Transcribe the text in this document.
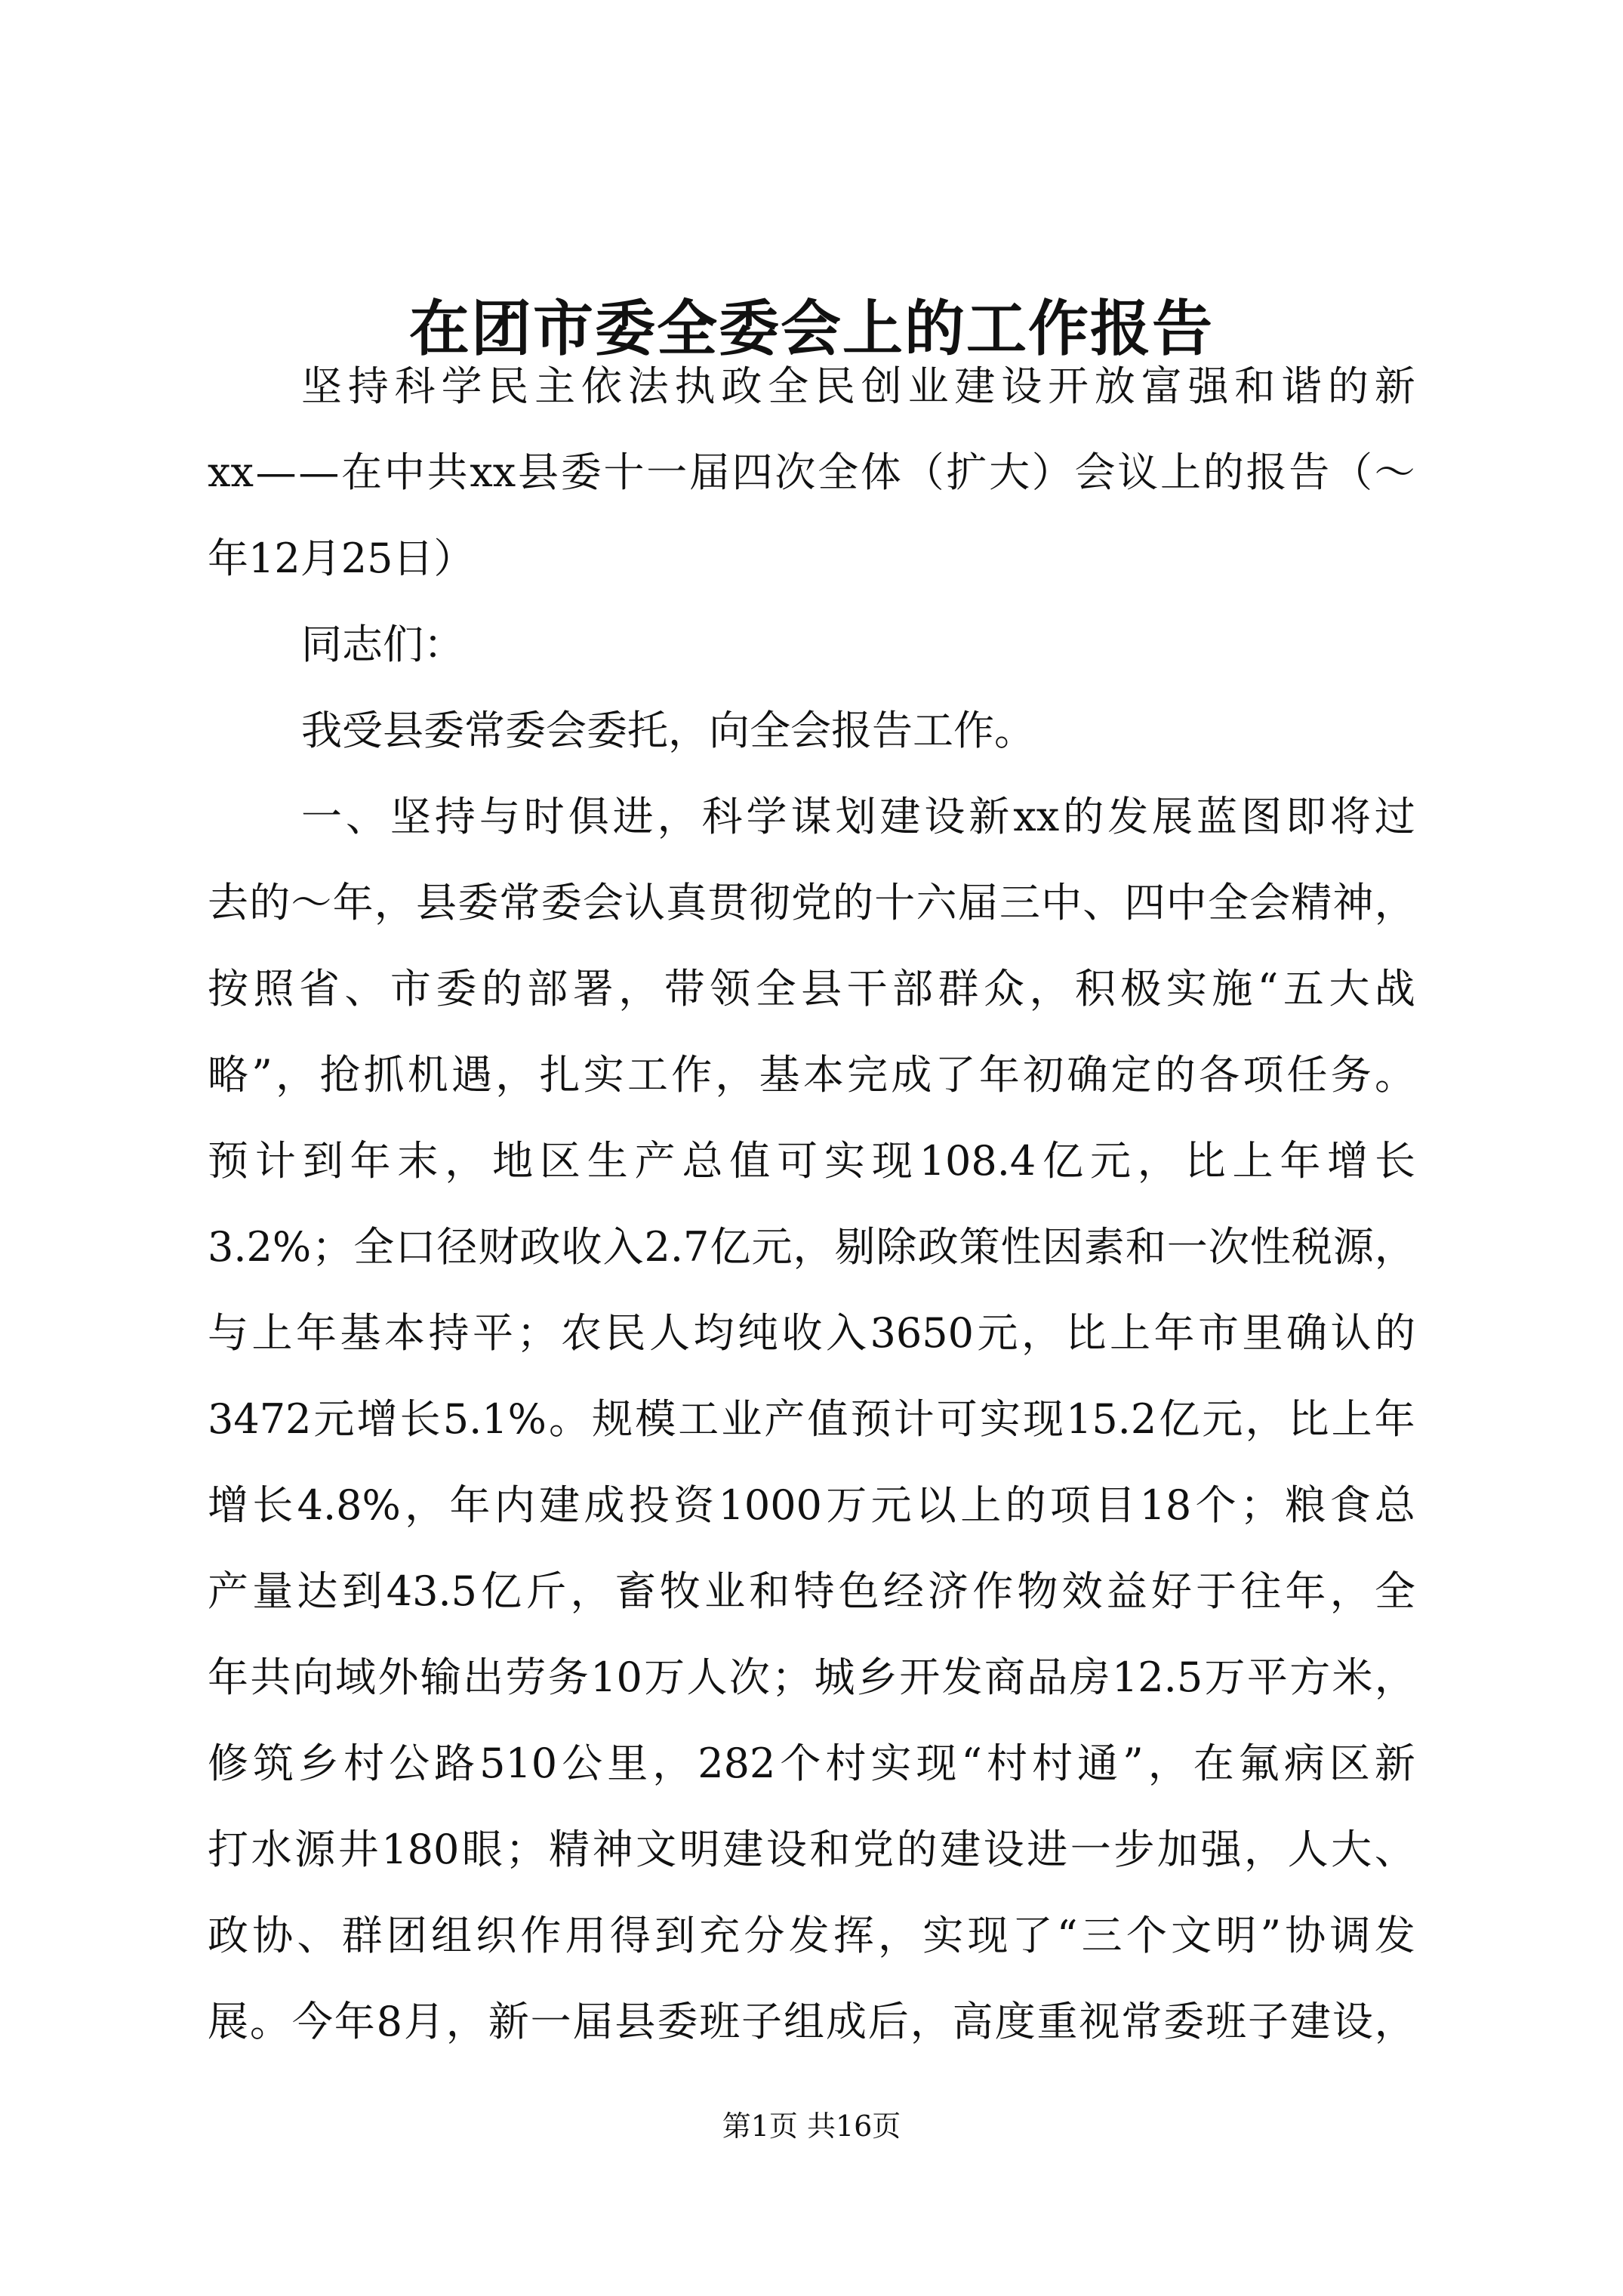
在团市委全委会上的工作报告
坚 持 科 学 民 主 依 法 执 政 全 民 创 业 建 设 开 放 富 强 和 谐 的 新
xx — — 在 中 共 xx 县 委 十 一 届 四 次 全 体 （ 扩 大 ） 会 议 上 的 报 告 （ ～
年12月25日）
同志们：
我受县委常委会委托，向全会报告工作。
一 、 坚 持 与 时 俱 进 ， 科 学 谋 划 建 设 新 xx 的 发 展 蓝 图 即 将 过
去 的 ～ 年 ， 县 委 常 委 会 认 真 贯 彻 党 的 十 六 届 三 中 、 四 中 全 会 精 神 ，
按 照 省 、 市 委 的 部 署 ， 带 领 全 县 干 部 群 众 ， 积 极 实 施 “ 五 大 战
略 ” ， 抢 抓 机 遇 ， 扎 实 工 作 ， 基 本 完 成 了 年 初 确 定 的 各 项 任 务 。
预 计 到 年 末 ， 地 区 生 产 总 值 可 实 现 108.4 亿 元 ， 比 上 年 增 长
3.2% ； 全 口 径 财 政 收 入 2.7 亿 元 ， 剔 除 政 策 性 因 素 和 一 次 性 税 源 ，
与 上 年 基 本 持 平 ； 农 民 人 均 纯 收 入 3650 元 ， 比 上 年 市 里 确 认 的
3472 元 增 长 5.1% 。 规 模 工 业 产 值 预 计 可 实 现 15.2 亿 元 ， 比 上 年
增 长 4.8% ， 年 内 建 成 投 资 1000 万 元 以 上 的 项 目 18 个 ； 粮 食 总
产 量 达 到 43.5 亿 斤 ， 畜 牧 业 和 特 色 经 济 作 物 效 益 好 于 往 年 ， 全
年 共 向 域 外 输 出 劳 务 10 万 人 次 ； 城 乡 开 发 商 品 房 12.5 万 平 方 米 ，
修 筑 乡 村 公 路 510 公 里 ， 282 个 村 实 现 “ 村 村 通 ” ， 在 氟 病 区 新
打 水 源 井 180 眼 ； 精 神 文 明 建 设 和 党 的 建 设 进 一 步 加 强 ， 人 大 、
政 协 、 群 团 组 织 作 用 得 到 充 分 发 挥 ， 实 现 了 “ 三 个 文 明 ” 协 调 发
展 。 今 年 8 月 ， 新 一 届 县 委 班 子 组 成 后 ， 高 度 重 视 常 委 班 子 建 设 ，
第1页 共16页
